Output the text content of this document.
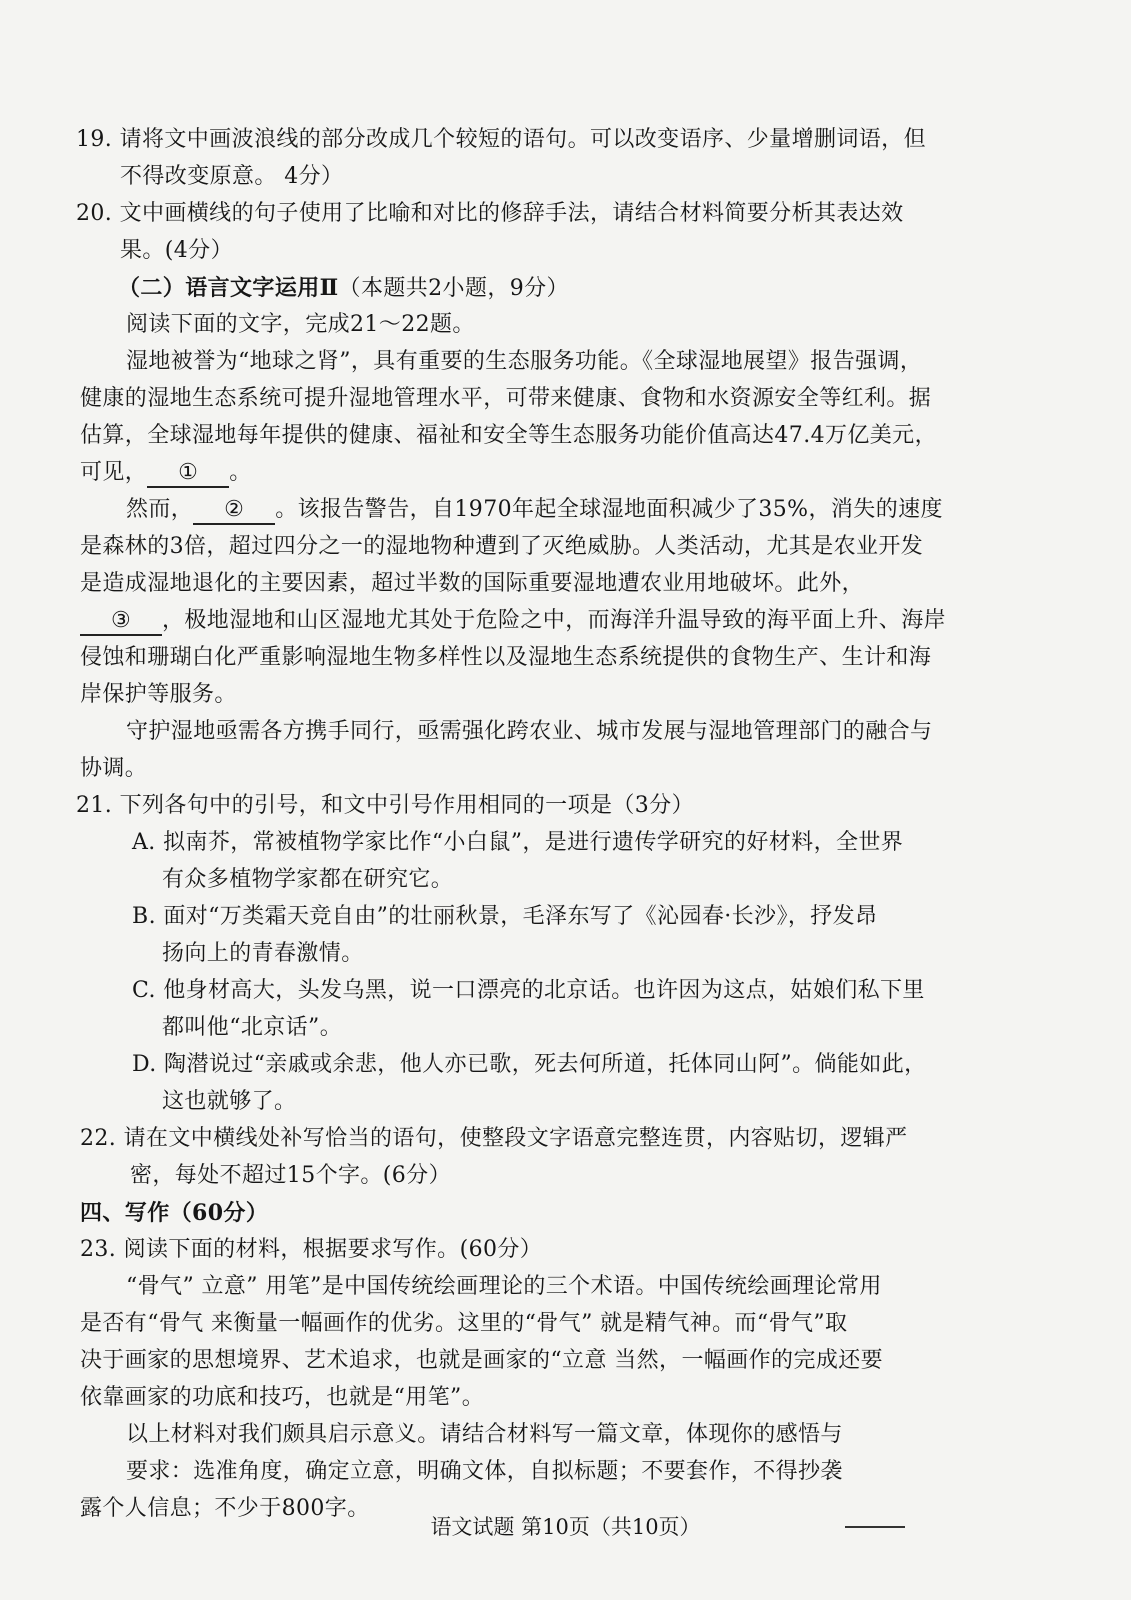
19. 请将文中画波浪线的部分改成几个较短的语句。可以改变语序、少量增删词语，但
不得改变原意。 4分）
20. 文中画横线的句子使用了比喻和对比的修辞手法，请结合材料简要分析其表达效
果。(4分）
（二）语言文字运用Ⅱ（本题共2小题，9分）
阅读下面的文字，完成21～22题。
湿地被誉为“地球之肾”，具有重要的生态服务功能。《全球湿地展望》报告强调，
健康的湿地生态系统可提升湿地管理水平，可带来健康、食物和水资源安全等红利。据
估算，全球湿地每年提供的健康、福祉和安全等生态服务功能价值高达47.4万亿美元，
可见， ① 。
然而， ② 。该报告警告，自1970年起全球湿地面积减少了35%，消失的速度
是森林的3倍，超过四分之一的湿地物种遭到了灭绝威胁。人类活动，尤其是农业开发
是造成湿地退化的主要因素，超过半数的国际重要湿地遭农业用地破坏。此外，
③ ，极地湿地和山区湿地尤其处于危险之中，而海洋升温导致的海平面上升、海岸
侵蚀和珊瑚白化严重影响湿地生物多样性以及湿地生态系统提供的食物生产、生计和海
岸保护等服务。
守护湿地亟需各方携手同行，亟需强化跨农业、城市发展与湿地管理部门的融合与
协调。
21. 下列各句中的引号，和文中引号作用相同的一项是（3分）
A. 拟南芥，常被植物学家比作“小白鼠”，是进行遗传学研究的好材料，全世界
有众多植物学家都在研究它。
B. 面对“万类霜天竞自由”的壮丽秋景，毛泽东写了《沁园春·长沙》，抒发昂
扬向上的青春激情。
C. 他身材高大，头发乌黑，说一口漂亮的北京话。也许因为这点，姑娘们私下里
都叫他“北京话”。
D. 陶潜说过“亲戚或余悲，他人亦已歌，死去何所道，托体同山阿”。倘能如此，
这也就够了。
22. 请在文中横线处补写恰当的语句，使整段文字语意完整连贯，内容贴切，逻辑严
密，每处不超过15个字。(6分）
四、写作（60分）
23. 阅读下面的材料，根据要求写作。(60分）
“骨气” 立意” 用笔”是中国传统绘画理论的三个术语。中国传统绘画理论常用
是否有“骨气 来衡量一幅画作的优劣。这里的“骨气” 就是精气神。而“骨气”取
决于画家的思想境界、艺术追求，也就是画家的“立意 当然，一幅画作的完成还要
依靠画家的功底和技巧，也就是“用笔”。
以上材料对我们颇具启示意义。请结合材料写一篇文章，体现你的感悟与
要求：选准角度，确定立意，明确文体，自拟标题；不要套作，不得抄袭
露个人信息；不少于800字。
语文试题 第10页（共10页）
